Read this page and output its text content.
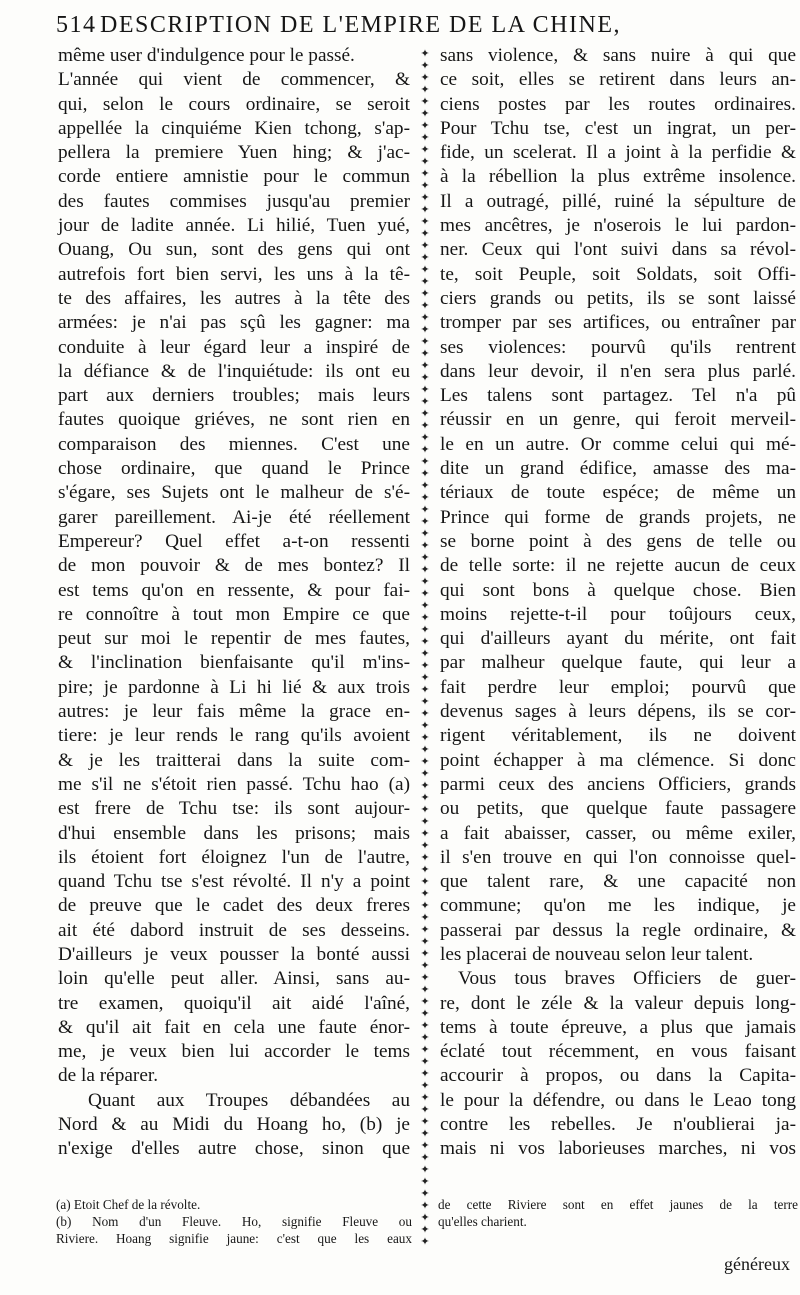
514 DESCRIPTION DE L'EMPIRE DE LA CHINE,
même user d'indulgence pour le passé.
L'année qui vient de commencer, &
qui, selon le cours ordinaire, se seroit
appellée la cinquiéme Kien tchong, s'ap-
pellera la premiere Yuen hing; & j'ac-
corde entiere amnistie pour le commun
des fautes commises jusqu'au premier
jour de ladite année. Li hilié, Tuen yué,
Ouang, Ou sun, sont des gens qui ont
autrefois fort bien servi, les uns à la tê-
te des affaires, les autres à la tête des
armées: je n'ai pas sçû les gagner: ma
conduite à leur égard leur a inspiré de
la défiance & de l'inquiétude: ils ont eu
part aux derniers troubles; mais leurs
fautes quoique griéves, ne sont rien en
comparaison des miennes. C'est une
chose ordinaire, que quand le Prince
s'égare, ses Sujets ont le malheur de s'é-
garer pareillement. Ai-je été réellement
Empereur? Quel effet a-t-on ressenti
de mon pouvoir & de mes bontez? Il
est tems qu'on en ressente, & pour fai-
re connoître à tout mon Empire ce que
peut sur moi le repentir de mes fautes,
& l'inclination bienfaisante qu'il m'ins-
pire; je pardonne à Li hi lié & aux trois
autres: je leur fais même la grace en-
tiere: je leur rends le rang qu'ils avoient
& je les traitterai dans la suite com-
me s'il ne s'étoit rien passé. Tchu hao (a)
est frere de Tchu tse: ils sont aujour-
d'hui ensemble dans les prisons; mais
ils étoient fort éloignez l'un de l'autre,
quand Tchu tse s'est révolté. Il n'y a point
de preuve que le cadet des deux freres
ait été dabord instruit de ses desseins.
D'ailleurs je veux pousser la bonté aussi
loin qu'elle peut aller. Ainsi, sans au-
tre examen, quoiqu'il ait aidé l'aîné,
& qu'il ait fait en cela une faute énor-
me, je veux bien lui accorder le tems
de la réparer.
Quant aux Troupes débandées au
Nord & au Midi du Hoang ho, (b) je
n'exige d'elles autre chose, sinon que
✦
✦
✦
✦
✦
✦
✦
✦
✦
✦
✦
✦
✦
✦
✦
✦
✦
✦
✦
✦
✦
✦
✦
✦
✦
✦
✦
✦
✦
✦
✦
✦
✦
✦
✦
✦
✦
✦
✦
✦
✦
✦
✦
✦
✦
✦
✦
✦
✦
✦
✦
✦
✦
✦
✦
✦
✦
✦
✦
✦
✦
✦
✦
✦
✦
✦
✦
✦
✦
✦
✦
✦
✦
✦
✦
✦
✦
✦
✦
✦
✦
✦
✦
✦
✦
✦
✦
✦
✦
✦
✦
✦
✦
✦
✦
✦
✦
✦
✦
✦
sans violence, & sans nuire à qui que
ce soit, elles se retirent dans leurs an-
ciens postes par les routes ordinaires.
Pour Tchu tse, c'est un ingrat, un per-
fide, un scelerat. Il a joint à la perfidie &
à la rébellion la plus extrême insolence.
Il a outragé, pillé, ruiné la sépulture de
mes ancêtres, je n'oserois le lui pardon-
ner. Ceux qui l'ont suivi dans sa révol-
te, soit Peuple, soit Soldats, soit Offi-
ciers grands ou petits, ils se sont laissé
tromper par ses artifices, ou entraîner par
ses violences: pourvû qu'ils rentrent
dans leur devoir, il n'en sera plus parlé.
Les talens sont partagez. Tel n'a pû
réussir en un genre, qui feroit merveil-
le en un autre. Or comme celui qui mé-
dite un grand édifice, amasse des ma-
tériaux de toute espéce; de même un
Prince qui forme de grands projets, ne
se borne point à des gens de telle ou
de telle sorte: il ne rejette aucun de ceux
qui sont bons à quelque chose. Bien
moins rejette-t-il pour toûjours ceux,
qui d'ailleurs ayant du mérite, ont fait
par malheur quelque faute, qui leur a
fait perdre leur emploi; pourvû que
devenus sages à leurs dépens, ils se cor-
rigent véritablement, ils ne doivent
point échapper à ma clémence. Si donc
parmi ceux des anciens Officiers, grands
ou petits, que quelque faute passagere
a fait abaisser, casser, ou même exiler,
il s'en trouve en qui l'on connoisse quel-
que talent rare, & une capacité non
commune; qu'on me les indique, je
passerai par dessus la regle ordinaire, &
les placerai de nouveau selon leur talent.
Vous tous braves Officiers de guer-
re, dont le zéle & la valeur depuis long-
tems à toute épreuve, a plus que jamais
éclaté tout récemment, en vous faisant
accourir à propos, ou dans la Capita-
le pour la défendre, ou dans le Leao tong
contre les rebelles. Je n'oublierai ja-
mais ni vos laborieuses marches, ni vos
(a) Etoit Chef de la révolte.
(b) Nom d'un Fleuve. Ho, signifie Fleuve ou
Riviere. Hoang signifie jaune: c'est que les eaux
de cette Riviere sont en effet jaunes de la terre
qu'elles charient.
généreux
